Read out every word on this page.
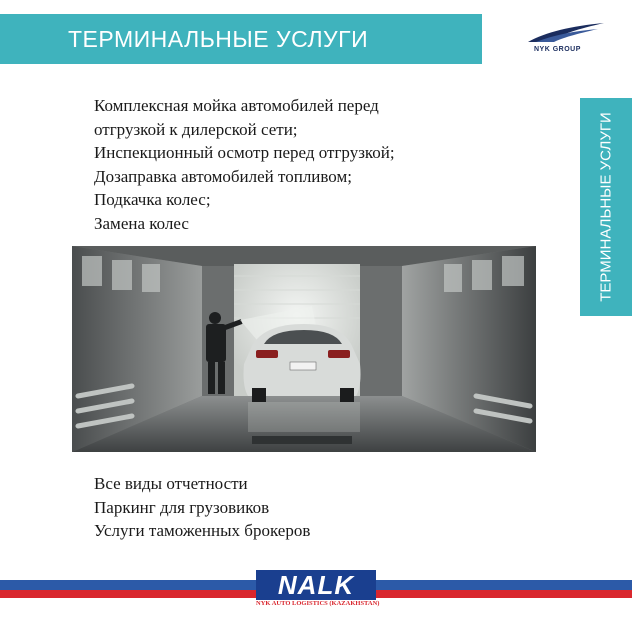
ТЕРМИНАЛЬНЫЕ УСЛУГИ	NYK GROUP
ТЕРМИНАЛЬНЫЕ УСЛУГИ
Комплексная мойка автомобилей перед
отгрузкой к дилерской сети;
Инспекционный осмотр перед отгрузкой;
Дозаправка автомобилей топливом;
Подкачка колес;
Замена колес
Все виды отчетности
Паркинг для грузовиков
Услуги таможенных брокеров
NALK
NYK AUTO LOGISTICS (KAZAKHSTAN)
